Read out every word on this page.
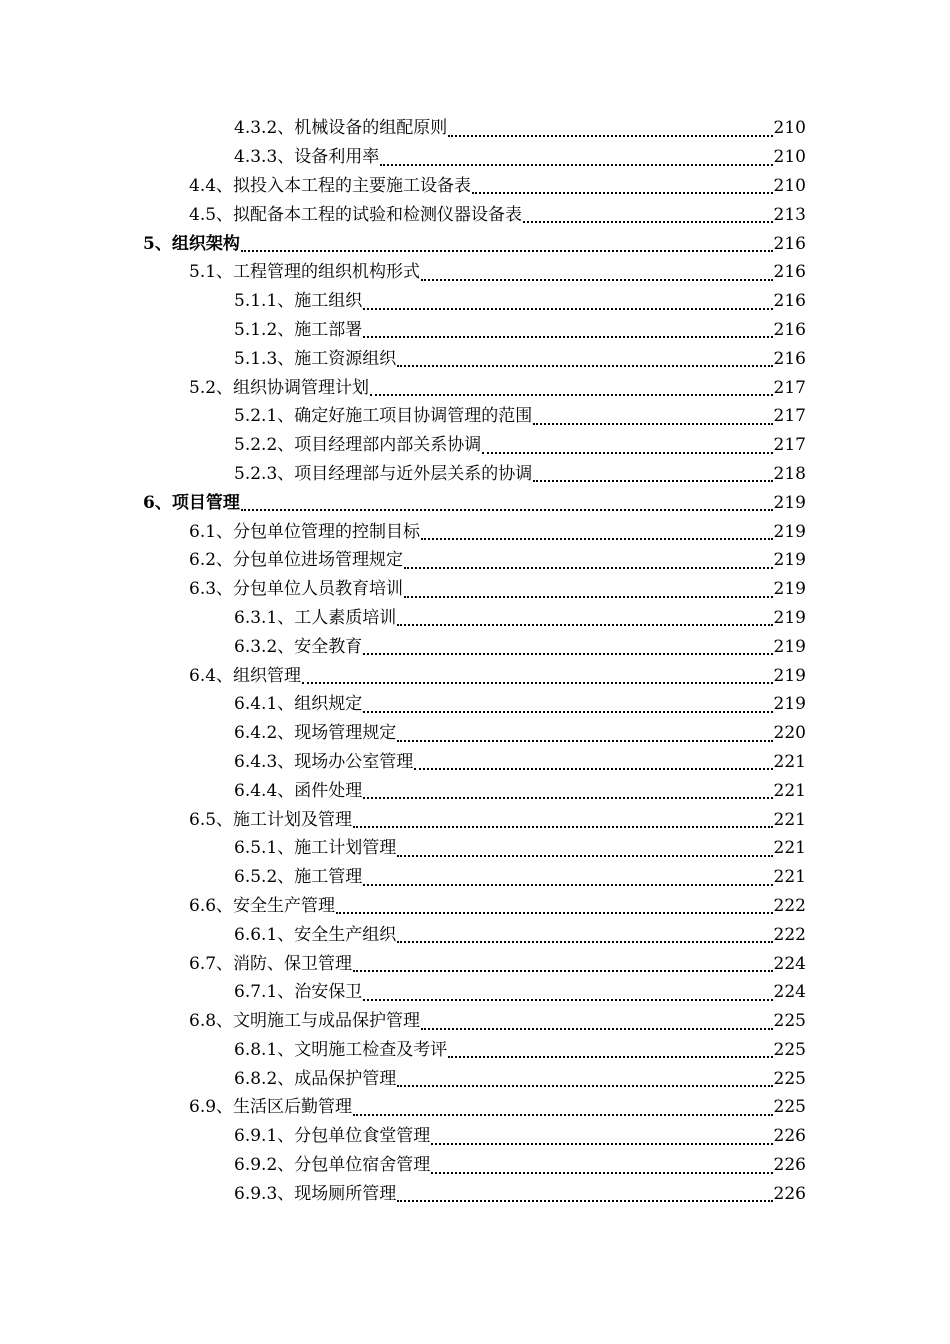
4.3.2、机械设备的组配原则	210
4.3.3、设备利用率	210
4.4、拟投入本工程的主要施工设备表	210
4.5、拟配备本工程的试验和检测仪器设备表	213
5、组织架构	216
5.1、工程管理的组织机构形式	216
5.1.1、施工组织	216
5.1.2、施工部署	216
5.1.3、施工资源组织	216
5.2、组织协调管理计划	217
5.2.1、确定好施工项目协调管理的范围	217
5.2.2、项目经理部内部关系协调	217
5.2.3、项目经理部与近外层关系的协调	218
6、项目管理	219
6.1、分包单位管理的控制目标	219
6.2、分包单位进场管理规定	219
6.3、分包单位人员教育培训	219
6.3.1、工人素质培训	219
6.3.2、安全教育	219
6.4、组织管理	219
6.4.1、组织规定	219
6.4.2、现场管理规定	220
6.4.3、现场办公室管理	221
6.4.4、函件处理	221
6.5、施工计划及管理	221
6.5.1、施工计划管理	221
6.5.2、施工管理	221
6.6、安全生产管理	222
6.6.1、安全生产组织	222
6.7、消防、保卫管理	224
6.7.1、治安保卫	224
6.8、文明施工与成品保护管理	225
6.8.1、文明施工检查及考评	225
6.8.2、成品保护管理	225
6.9、生活区后勤管理	225
6.9.1、分包单位食堂管理	226
6.9.2、分包单位宿舍管理	226
6.9.3、现场厕所管理	226
